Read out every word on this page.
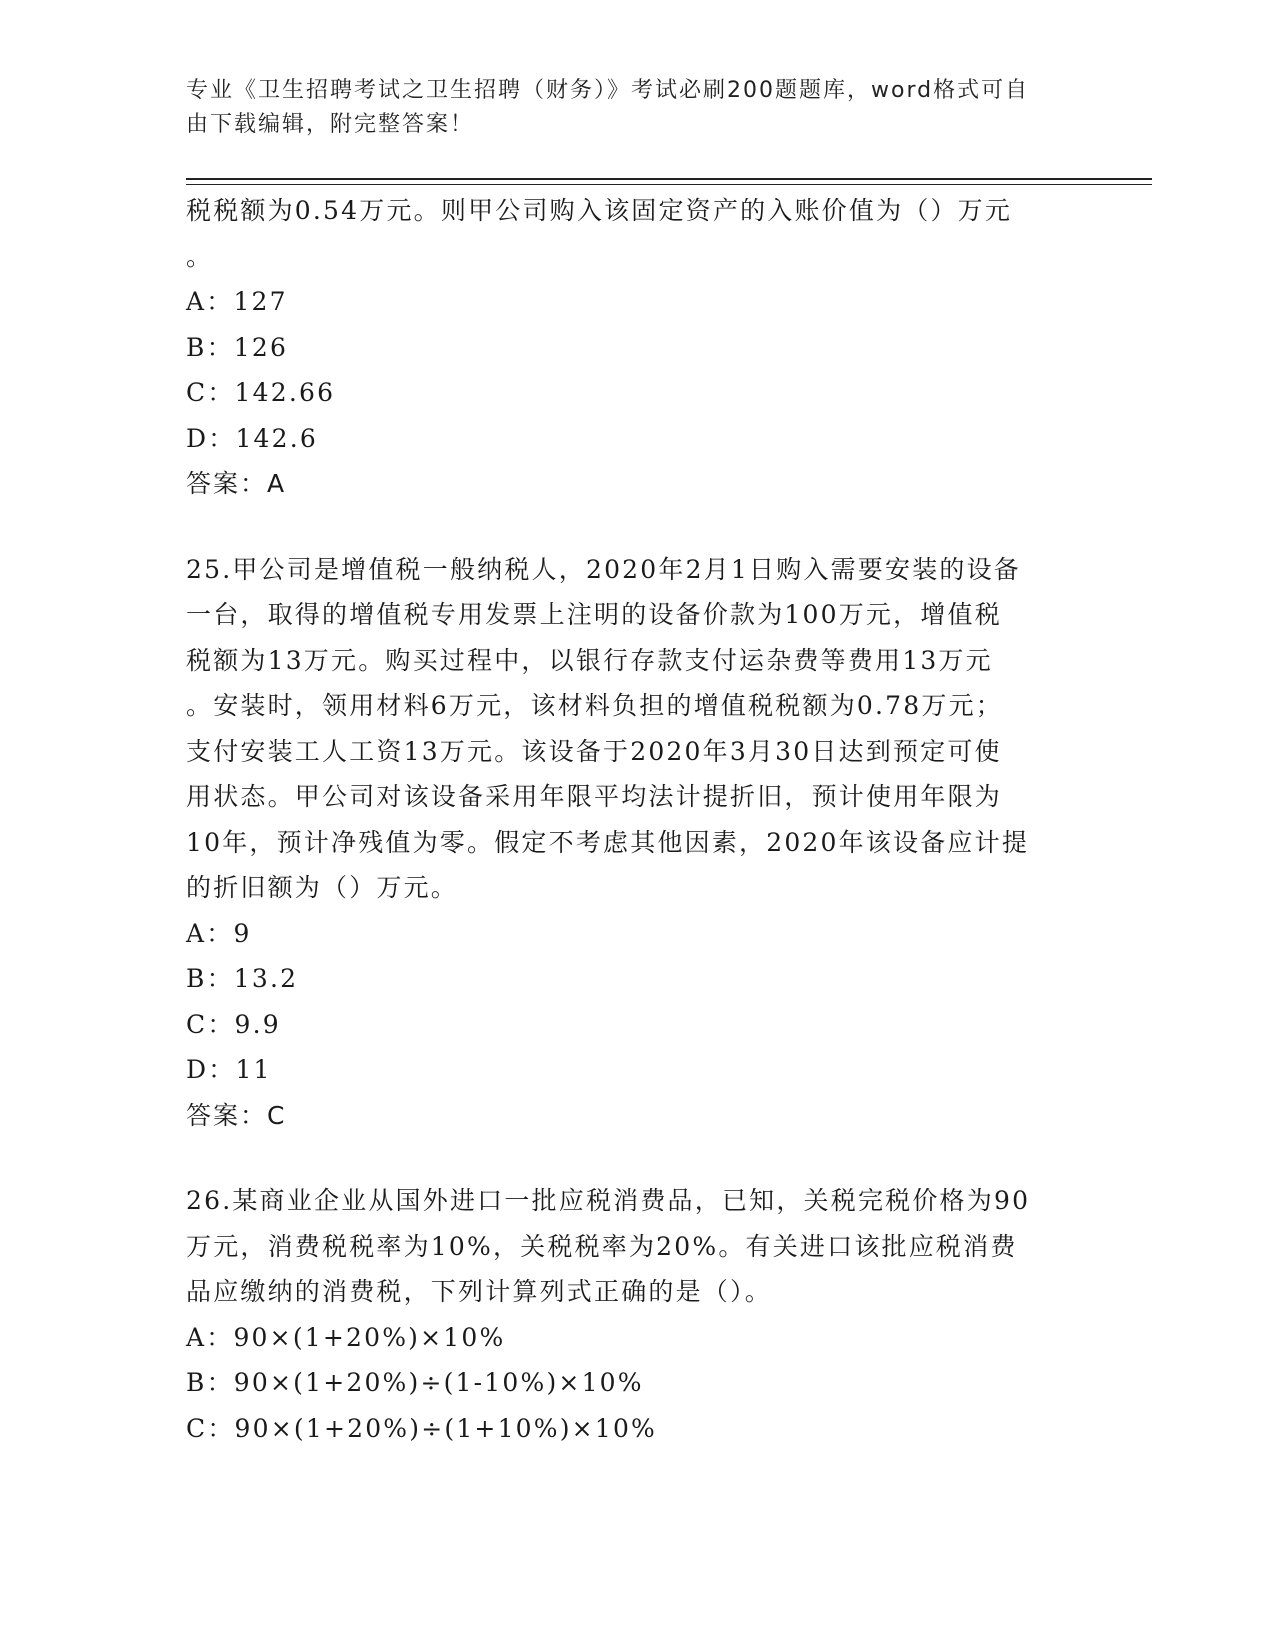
专业《卫生招聘考试之卫生招聘（财务）》考试必刷200题题库，word格式可自
由下载编辑，附完整答案！
税税额为0.54万元。则甲公司购入该固定资产的入账价值为（）万元
。
A：127
B：126
C：142.66
D：142.6
答案：A
25.甲公司是增值税一般纳税人，2020年2月1日购入需要安装的设备
一台，取得的增值税专用发票上注明的设备价款为100万元，增值税
税额为13万元。购买过程中，以银行存款支付运杂费等费用13万元
。安装时，领用材料6万元，该材料负担的增值税税额为0.78万元；
支付安装工人工资13万元。该设备于2020年3月30日达到预定可使
用状态。甲公司对该设备采用年限平均法计提折旧，预计使用年限为
10年，预计净残值为零。假定不考虑其他因素，2020年该设备应计提
的折旧额为（）万元。
A：9
B：13.2
C：9.9
D：11
答案：C
26.某商业企业从国外进口一批应税消费品，已知，关税完税价格为90
万元，消费税税率为10%，关税税率为20%。有关进口该批应税消费
品应缴纳的消费税，下列计算列式正确的是（）。
A：90×(1+20%)×10%
B：90×(1+20%)÷(1-10%)×10%
C：90×(1+20%)÷(1+10%)×10%
